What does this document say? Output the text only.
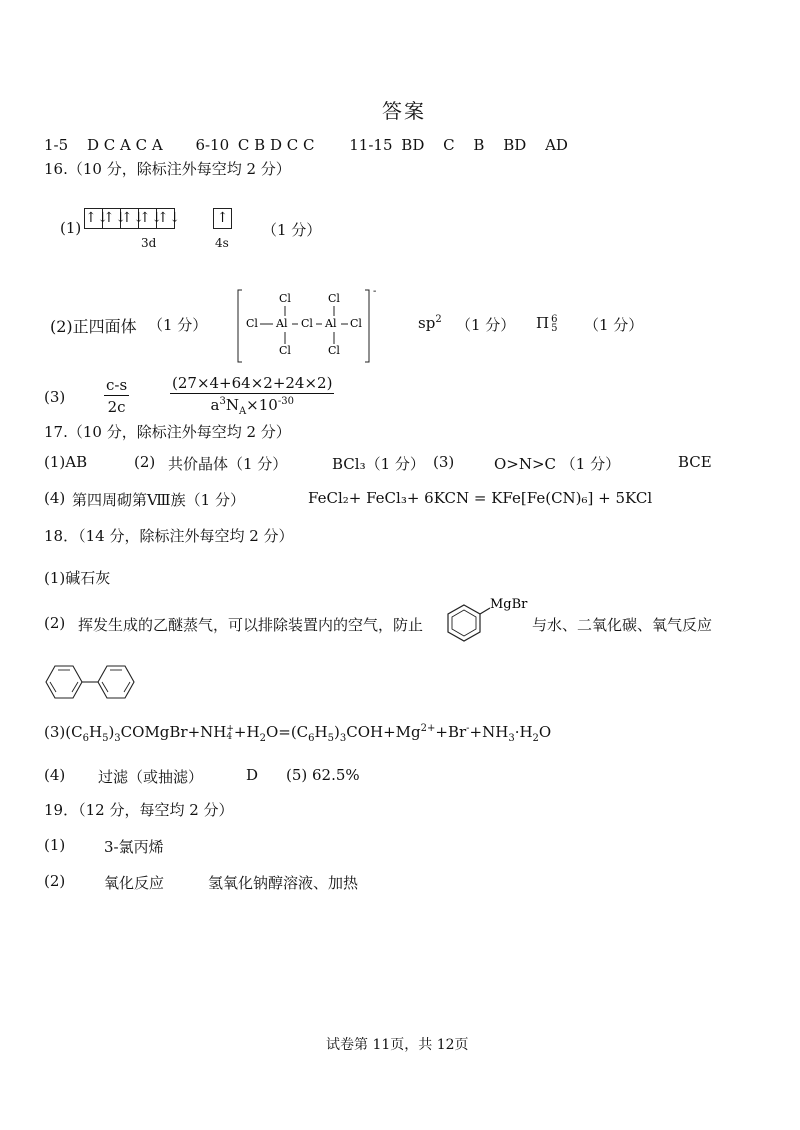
答案
1-5 D C A C A 6-10 C B D C C 11-15 BD C B BD AD
16.（10 分，除标注外每空均 2 分）
(1)
↑↓
↑↓
↑↓
↑↓
↑↓	↑
3d	4s
（1 分）
(2)正四面体 （1 分）
-
Cl	Cl
Cl Al Cl Al Cl
Cl	Cl
$sp^2$ （1 分） Π 6
5 （1 分）
(3)	$\frac{c-s}{2c}$	$\frac{(27\times 4+64\times 2+24\times 2)}{a^3N_A\times 10^{-30}}$
17.（10 分，除标注外每空均 2 分）
(1)AB	(2) 共价晶体（1 分）	BCl₃（1 分） (3)	O>N>C （1 分）	BCE
(4) 第四周砌第Ⅷ族（1 分）	FeCl₂+ FeCl₃+ 6KCN = KFe[Fe(CN)₆] + 5KCl
18．（14 分，除标注外每空均 2 分）
(1)碱石灰
(2) 挥发生成的乙醚蒸气，可以排除装置内的空气，防止
MgBr
与水、二氧化碳、氧气反应
$(3)(C_6H_5)_3COMgBr+NH$ +
$4 +H_2O=(C_6H_5)_3COH+Mg^{2+}+Br^-+NH_3\cdot H_2O$
(4) 过滤（或抽滤）	D (5) 62.5%
19．（12 分，每空均 2 分）
(1)	3-氯丙烯
(2)	氧化反应	氢氧化钠醇溶液、加热
试卷第 11页，共 12页
